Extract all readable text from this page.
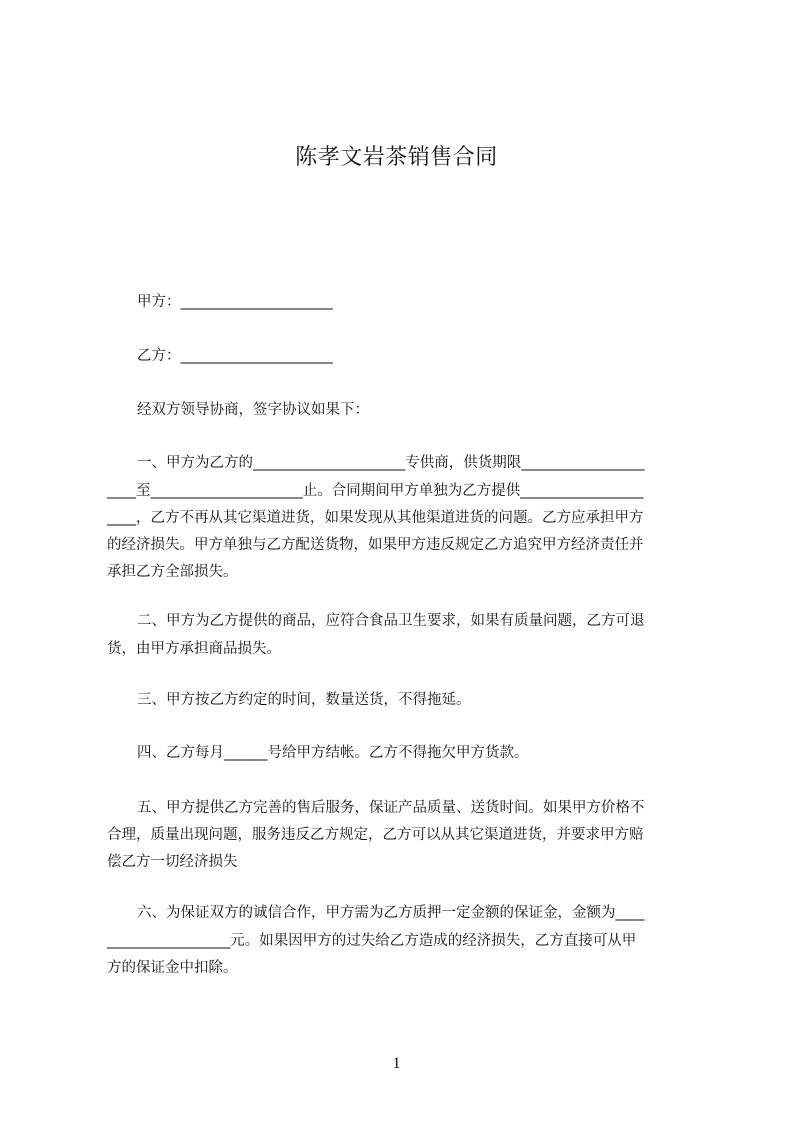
陈孝文岩茶销售合同
甲方：_____________________
乙方：_____________________
经双方领导协商，签字协议如果下：
一、甲方为乙方的_____________________专供商，供货期限_________________
____至_____________________止。合同期间甲方单独为乙方提供_________________
____，乙方不再从其它渠道进货，如果发现从其他渠道进货的问题。乙方应承担甲方
的经济损失。甲方单独与乙方配送货物，如果甲方违反规定乙方追究甲方经济责任并
承担乙方全部损失。
二、甲方为乙方提供的商品，应符合食品卫生要求，如果有质量问题，乙方可退
货，由甲方承担商品损失。
三、甲方按乙方约定的时间，数量送货，不得拖延。
四、乙方每月______号给甲方结帐。乙方不得拖欠甲方货款。
五、甲方提供乙方完善的售后服务，保证产品质量、送货时间。如果甲方价格不
合理，质量出现问题，服务违反乙方规定，乙方可以从其它渠道进货，并要求甲方赔
偿乙方一切经济损失
六、为保证双方的诚信合作，甲方需为乙方质押一定金额的保证金，金额为____
_________________元。如果因甲方的过失给乙方造成的经济损失，乙方直接可从甲
方的保证金中扣除。
1
